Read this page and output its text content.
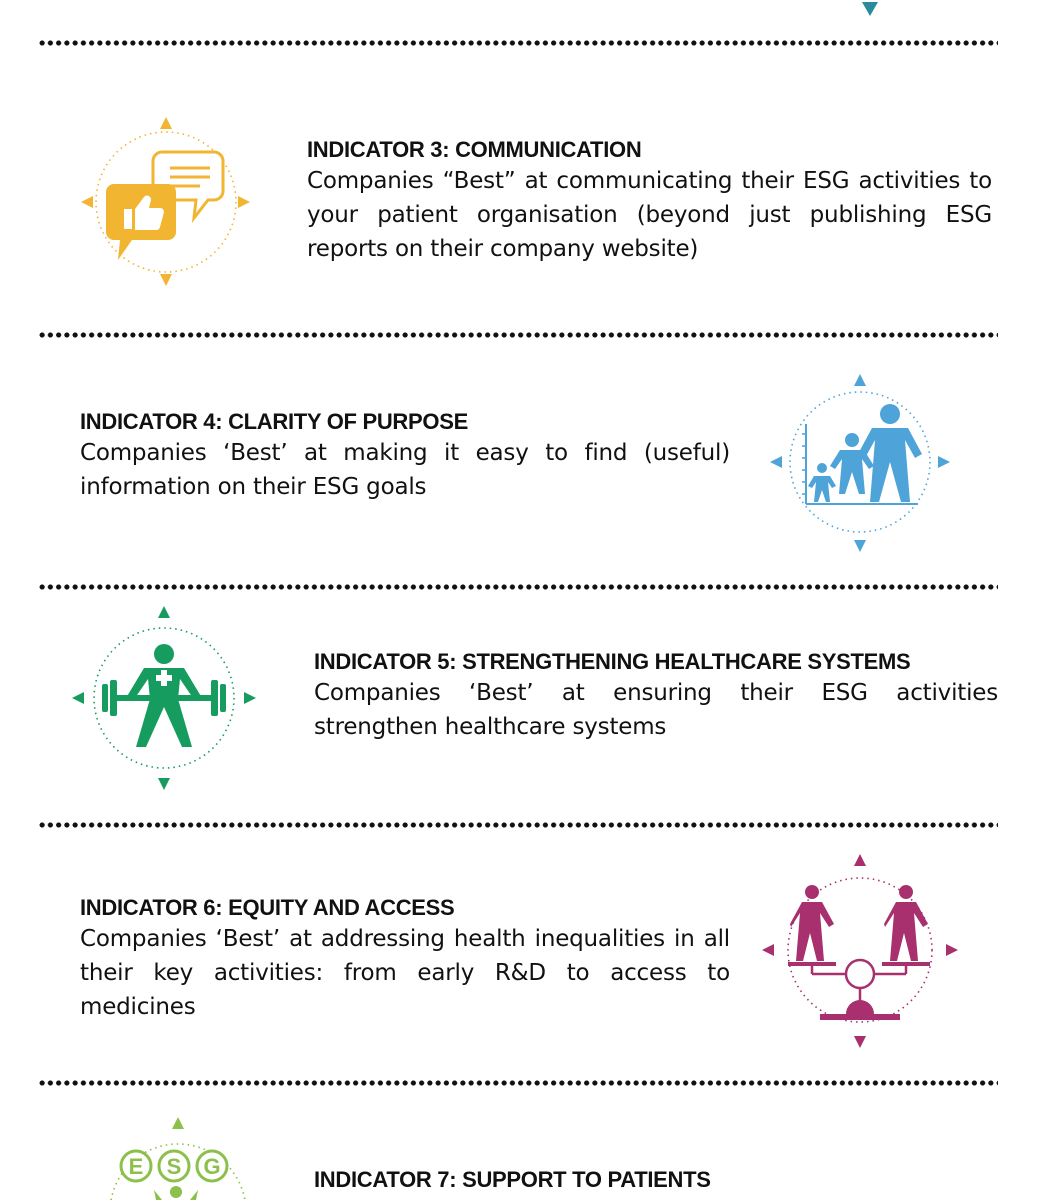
INDICATOR 3: COMMUNICATION

Companies “Best” at communicating their ESG activities to your patient organisation (beyond just publishing ESG reports on their company website)

INDICATOR 4: CLARITY OF PURPOSE

Companies ‘Best’ at making it easy to find (useful) information on their ESG goals

INDICATOR 5: STRENGTHENING HEALTHCARE SYSTEMS

Companies ‘Best’ at ensuring their ESG activities strengthen healthcare systems

INDICATOR 6: EQUITY AND ACCESS

Companies ‘Best’ at addressing health inequalities in all their key activities: from early R&D to access to medicines

E S G

INDICATOR 7: SUPPORT TO PATIENTS
